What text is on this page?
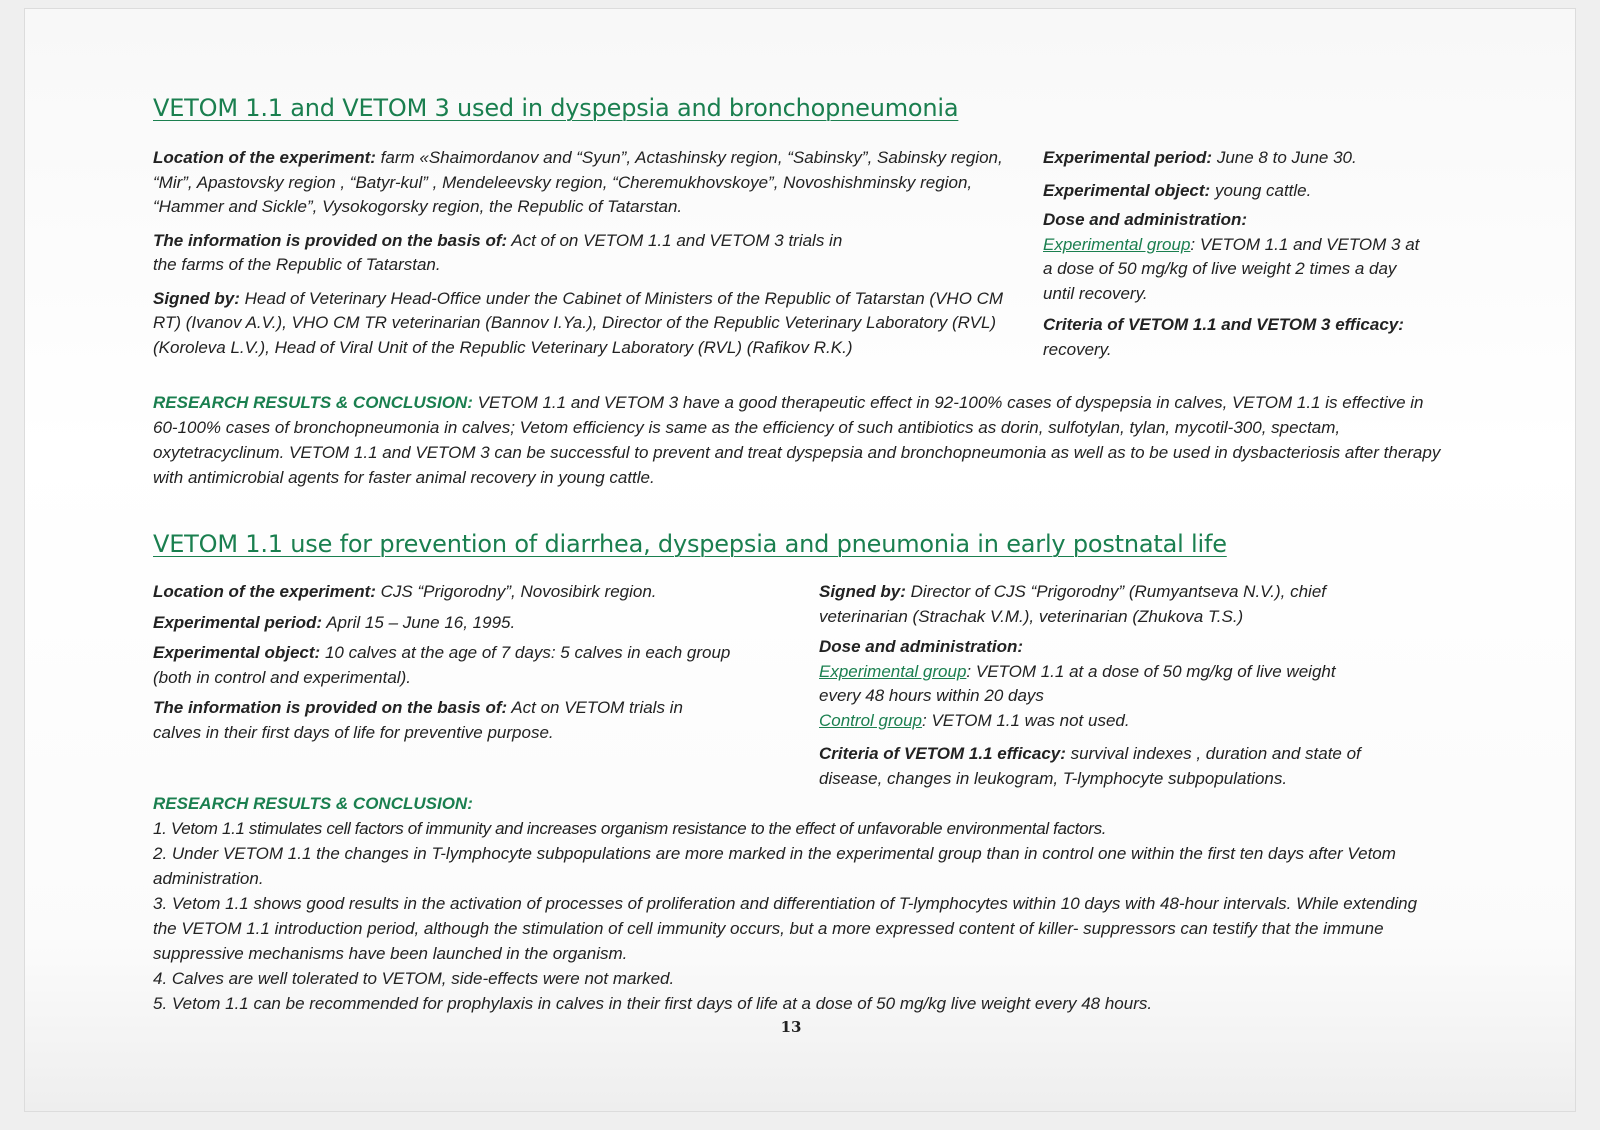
VETOM 1.1 and VETOM 3 used in dyspepsia and bronchopneumonia

Location of the experiment: farm «Shaimordanov and “Syun”, Actashinsky region, “Sabinsky”, Sabinsky region, “Mir”, Apastovsky region , “Batyr-kul” , Mendeleevsky region, “Cheremukhovskoye”, Novoshishminsky region, “Hammer and Sickle”, Vysokogorsky region, the Republic of Tatarstan.

The information is provided on the basis of: Act of on VETOM 1.1 and VETOM 3 trials in the farms of the Republic of Tatarstan.

Signed by: Head of Veterinary Head-Office under the Cabinet of Ministers of the Republic of Tatarstan (VHO CM RT) (Ivanov A.V.), VHO CM TR veterinarian (Bannov I.Ya.), Director of the Republic Veterinary Laboratory (RVL) (Koroleva L.V.), Head of Viral Unit of the Republic Veterinary Laboratory (RVL) (Rafikov R.K.)

Experimental period: June 8 to June 30.

Experimental object: young cattle.

Dose and administration:
Experimental group: VETOM 1.1 and VETOM 3 at a dose of 50 mg/kg of live weight 2 times a day until recovery.

Criteria of VETOM 1.1 and VETOM 3 efficacy:
recovery.

RESEARCH RESULTS & CONCLUSION: VETOM 1.1 and VETOM 3 have a good therapeutic effect in 92-100% cases of dyspepsia in calves, VETOM 1.1 is effective in 60-100% cases of bronchopneumonia in calves; Vetom efficiency is same as the efficiency of such antibiotics as dorin, sulfotylan, tylan, mycotil-300, spectam, oxytetracyclinum. VETOM 1.1 and VETOM 3 can be successful to prevent and treat dyspepsia and bronchopneumonia as well as to be used in dysbacteriosis after therapy with antimicrobial agents for faster animal recovery in young cattle.

VETOM 1.1 use for prevention of diarrhea, dyspepsia and pneumonia in early postnatal life

Location of the experiment: CJS “Prigorodny”, Novosibirk region.

Experimental period: April 15 – June 16, 1995.

Experimental object: 10 calves at the age of 7 days: 5 calves in each group (both in control and experimental).

The information is provided on the basis of: Act on VETOM trials in calves in their first days of life for preventive purpose.

Signed by: Director of CJS “Prigorodny” (Rumyantseva N.V.), chief veterinarian (Strachak V.M.), veterinarian (Zhukova T.S.)

Dose and administration:
Experimental group: VETOM 1.1 at a dose of 50 mg/kg of live weight every 48 hours within 20 days
Control group: VETOM 1.1 was not used.

Criteria of VETOM 1.1 efficacy: survival indexes , duration and state of disease, changes in leukogram, T-lymphocyte subpopulations.

RESEARCH RESULTS & CONCLUSION:

1. Vetom 1.1 stimulates cell factors of immunity and increases organism resistance to the effect of unfavorable environmental factors.

2. Under VETOM 1.1 the changes in T-lymphocyte subpopulations are more marked in the experimental group than in control one within the first ten days after Vetom administration.

3. Vetom 1.1 shows good results in the activation of processes of proliferation and differentiation of T-lymphocytes within 10 days with 48-hour intervals. While extending the VETOM 1.1 introduction period, although the stimulation of cell immunity occurs, but a more expressed content of killer- suppressors can testify that the immune suppressive mechanisms have been launched in the organism.

4. Calves are well tolerated to VETOM, side-effects were not marked.

5. Vetom 1.1 can be recommended for prophylaxis in calves in their first days of life at a dose of 50 mg/kg live weight every 48 hours.

13
